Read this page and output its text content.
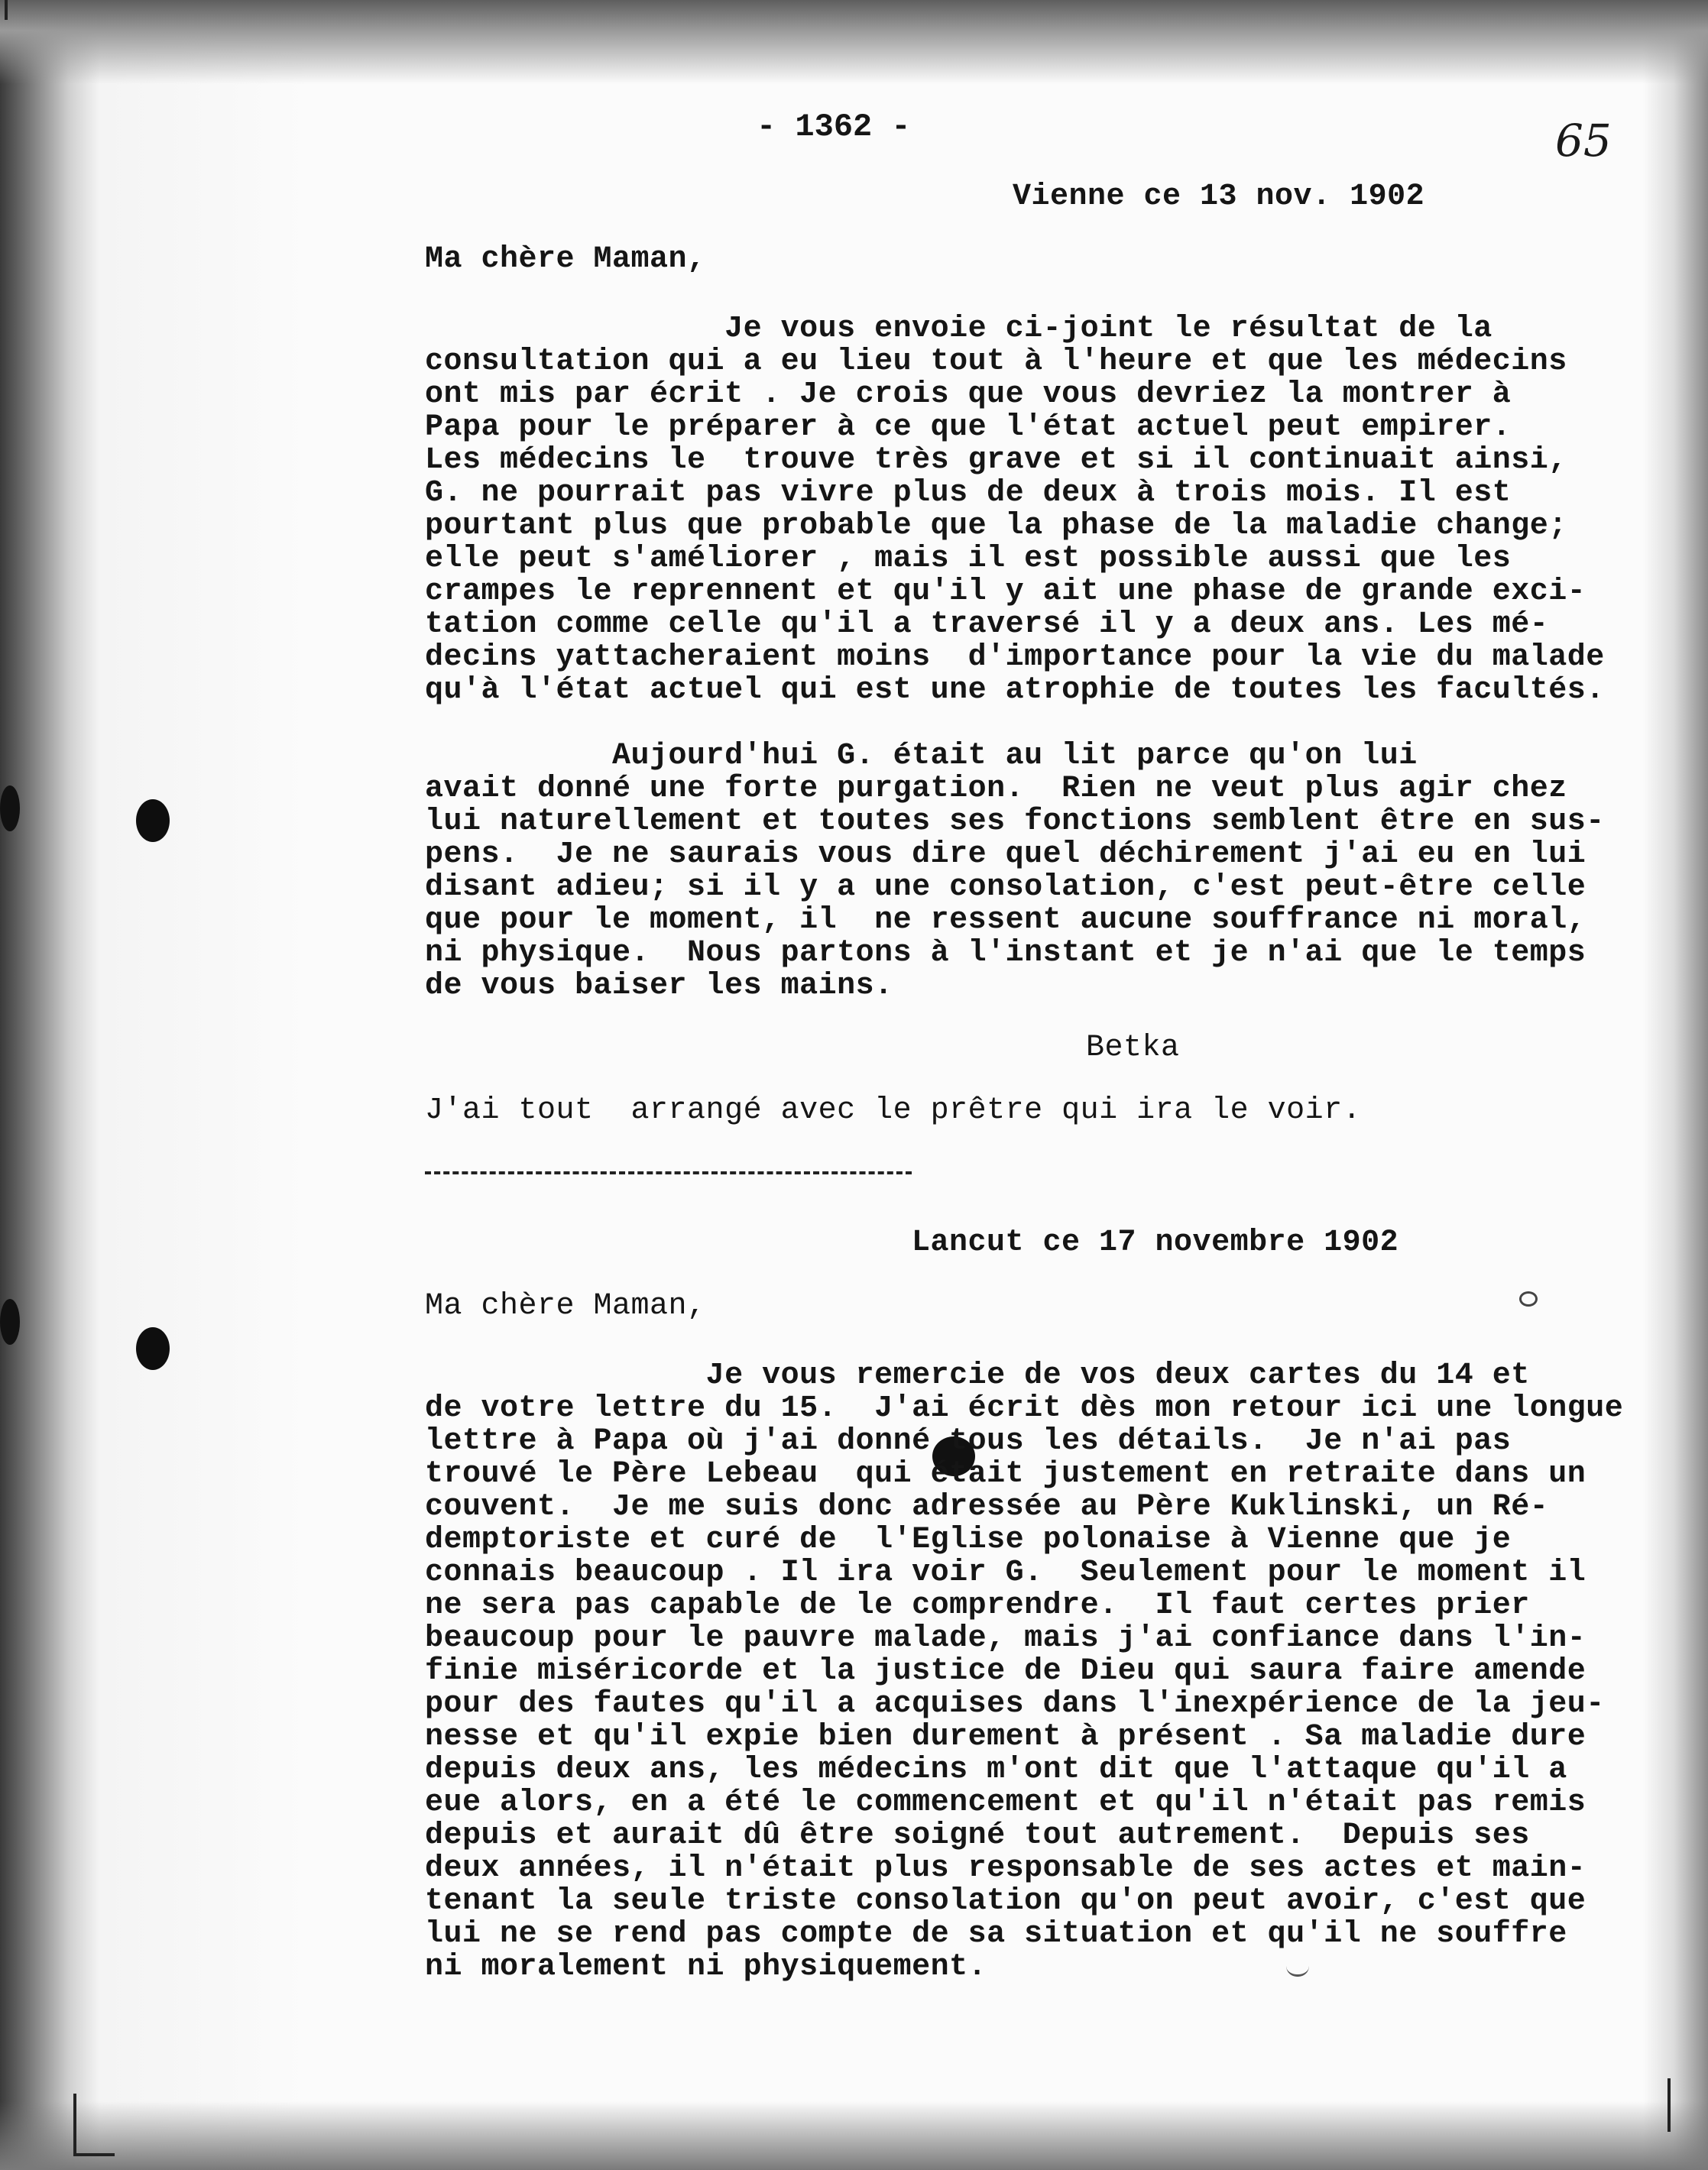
- 1362 -	65
Vienne ce 13 nov. 1902
Ma chère Maman,
Je vous envoie ci-joint le résultat de la
consultation qui a eu lieu tout à l'heure et que les médecins
ont mis par écrit . Je crois que vous devriez la montrer à
Papa pour le préparer à ce que l'état actuel peut empirer.
Les médecins le  trouve très grave et si il continuait ainsi,
G. ne pourrait pas vivre plus de deux à trois mois. Il est
pourtant plus que probable que la phase de la maladie change;
elle peut s'améliorer , mais il est possible aussi que les
crampes le reprennent et qu'il y ait une phase de grande exci-
tation comme celle qu'il a traversé il y a deux ans. Les mé-
decins yattacheraient moins  d'importance pour la vie du malade
qu'à l'état actuel qui est une atrophie de toutes les facultés.
Aujourd'hui G. était au lit parce qu'on lui
avait donné une forte purgation.  Rien ne veut plus agir chez
lui naturellement et toutes ses fonctions semblent être en sus-
pens.  Je ne saurais vous dire quel déchirement j'ai eu en lui
disant adieu; si il y a une consolation, c'est peut-être celle
que pour le moment, il  ne ressent aucune souffrance ni moral,
ni physique.  Nous partons à l'instant et je n'ai que le temps
de vous baiser les mains.
Betka
J'ai tout  arrangé avec le prêtre qui ira le voir.
Lancut ce 17 novembre 1902
Ma chère Maman,
Je vous remercie de vos deux cartes du 14 et
de votre lettre du 15.  J'ai écrit dès mon retour ici une longue
lettre à Papa où j'ai donné tous les détails.  Je n'ai pas
trouvé le Père Lebeau  qui était justement en retraite dans un
couvent.  Je me suis donc adressée au Père Kuklinski, un Ré-
demptoriste et curé de  l'Eglise polonaise à Vienne que je
connais beaucoup . Il ira voir G.  Seulement pour le moment il
ne sera pas capable de le comprendre.  Il faut certes prier
beaucoup pour le pauvre malade, mais j'ai confiance dans l'in-
finie miséricorde et la justice de Dieu qui saura faire amende
pour des fautes qu'il a acquises dans l'inexpérience de la jeu-
nesse et qu'il expie bien durement à présent . Sa maladie dure
depuis deux ans, les médecins m'ont dit que l'attaque qu'il a
eue alors, en a été le commencement et qu'il n'était pas remis
depuis et aurait dû être soigné tout autrement.  Depuis ses
deux années, il n'était plus responsable de ses actes et main-
tenant la seule triste consolation qu'on peut avoir, c'est que
lui ne se rend pas compte de sa situation et qu'il ne souffre
ni moralement ni physiquement.
